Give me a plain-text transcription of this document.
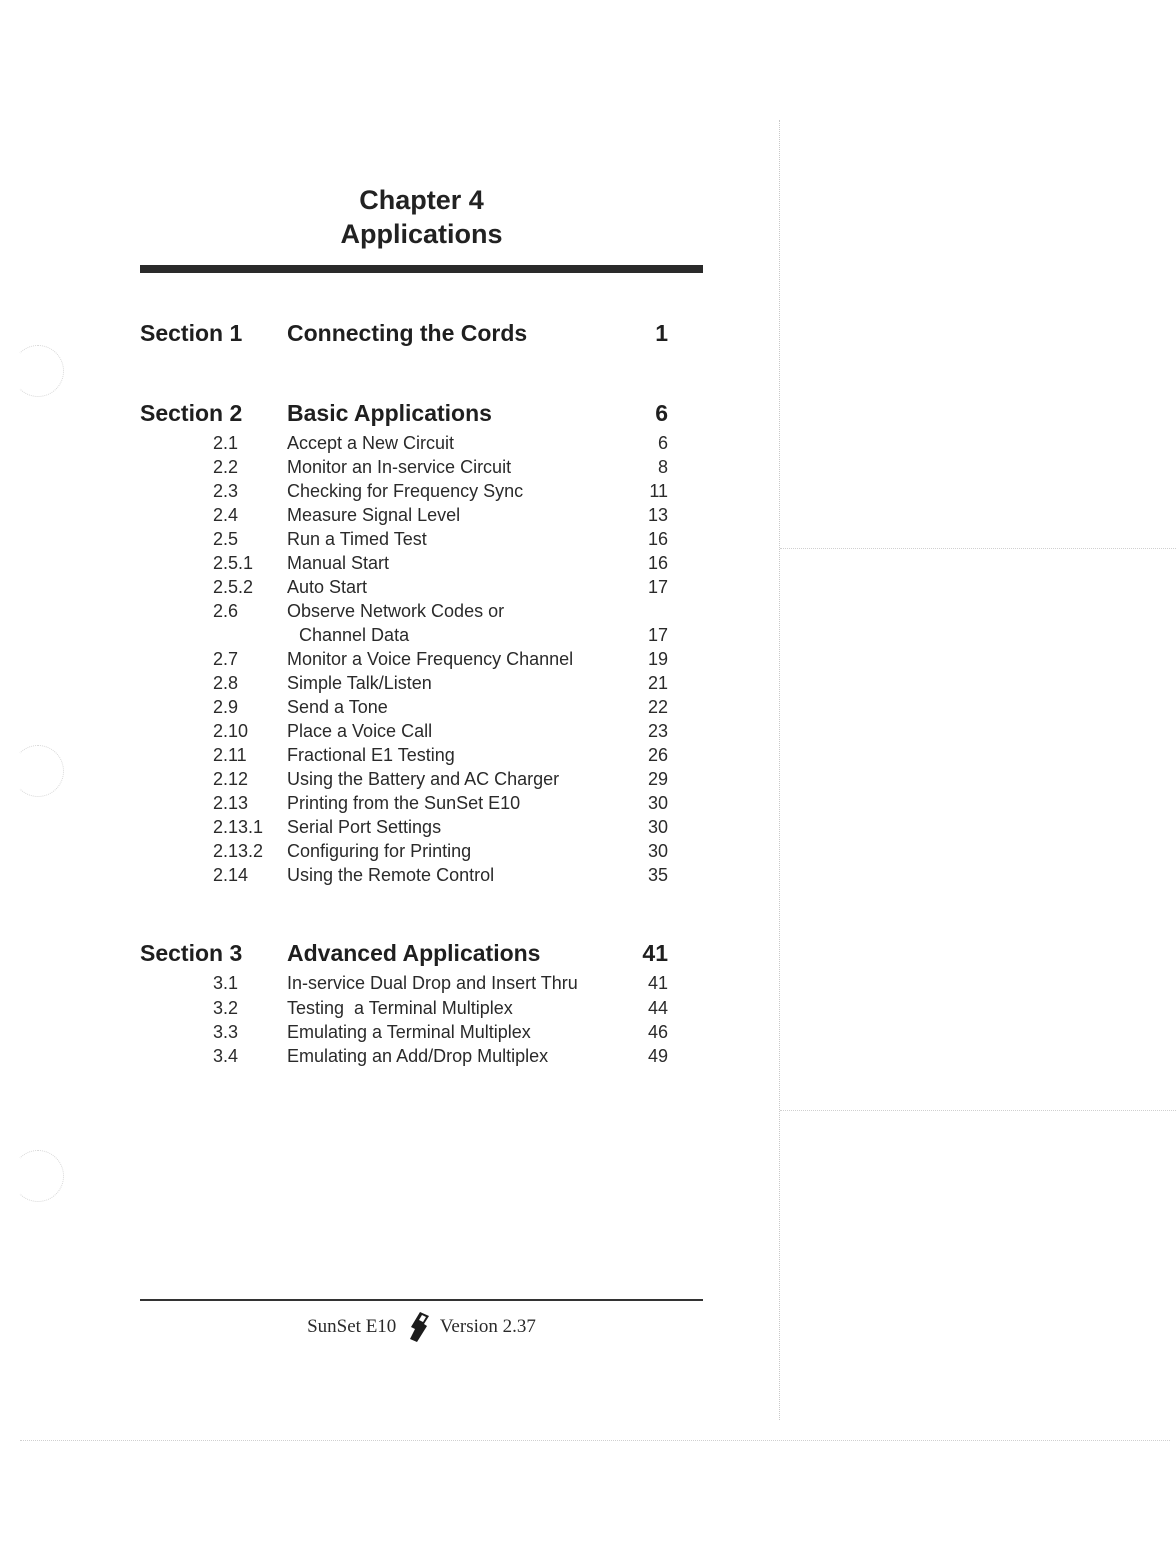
Chapter 4
Applications
Section 1 Connecting the Cords	1
Section 2 Basic Applications	6
2.1	Accept a New Circuit	6
2.2	Monitor an In-service Circuit	8
2.3	Checking for Frequency Sync	11
2.4	Measure Signal Level	13
2.5	Run a Timed Test	16
2.5.1 Manual Start	16
2.5.2 Auto Start	17
2.6	Observe Network Codes or
Channel Data	17
2.7	Monitor a Voice Frequency Channel	19
2.8	Simple Talk/Listen	21
2.9	Send a Tone	22
2.10 Place a Voice Call	23
2.11 Fractional E1 Testing	26
2.12 Using the Battery and AC Charger	29
2.13 Printing from the SunSet E10	30
2.13.1 Serial Port Settings	30
2.13.2 Configuring for Printing	30
2.14 Using the Remote Control	35
Section 3 Advanced Applications	41
3.1	In-service Dual Drop and Insert Thru	41
3.2	Testing  a Terminal Multiplex	44
3.3	Emulating a Terminal Multiplex	46
3.4	Emulating an Add/Drop Multiplex	49
SunSet E10 Version 2.37
